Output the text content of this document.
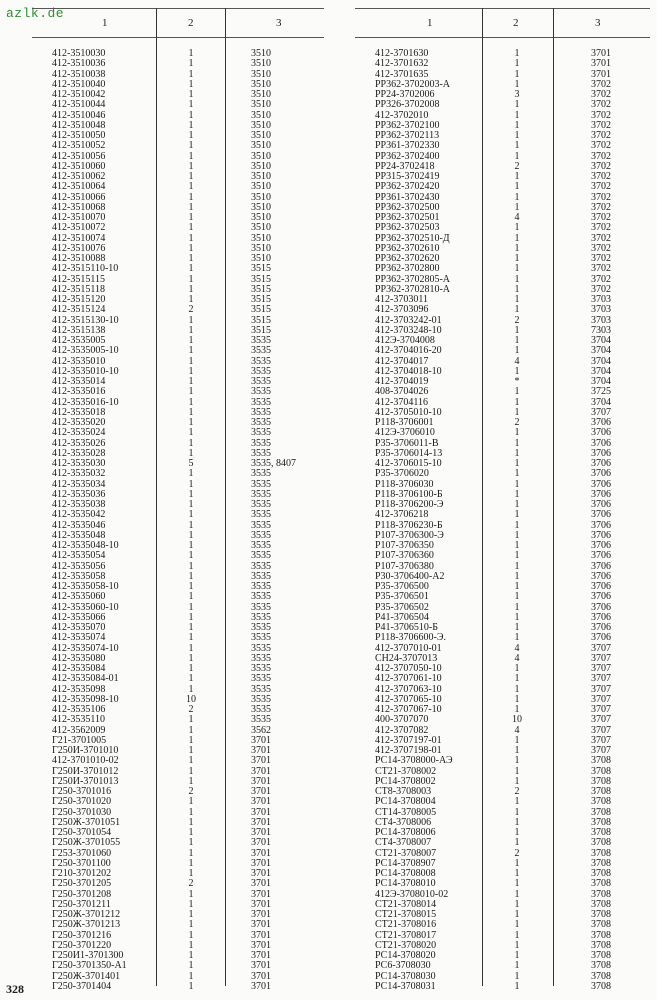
azlk.de
1	2	3
412-3510030	1	3510
412-3510036	1	3510
412-3510038	1	3510
412-3510040	1	3510
412-3510042	1	3510
412-3510044	1	3510
412-3510046	1	3510
412-3510048	1	3510
412-3510050	1	3510
412-3510052	1	3510
412-3510056	1	3510
412-3510060	1	3510
412-3510062	1	3510
412-3510064	1	3510
412-3510066	1	3510
412-3510068	1	3510
412-3510070	1	3510
412-3510072	1	3510
412-3510074	1	3510
412-3510076	1	3510
412-3510088	1	3510
412-3515110-10	1	3515
412-3515115	1	3515
412-3515118	1	3515
412-3515120	1	3515
412-3515124	2	3515
412-3515130-10	1	3515
412-3515138	1	3515
412-3535005	1	3535
412-3535005-10	1	3535
412-3535010	1	3535
412-3535010-10	1	3535
412-3535014	1	3535
412-3535016	1	3535
412-3535016-10	1	3535
412-3535018	1	3535
412-3535020	1	3535
412-3535024	1	3535
412-3535026	1	3535
412-3535028	1	3535
412-3535030	5	3535, 8407
412-3535032	1	3535
412-3535034	1	3535
412-3535036	1	3535
412-3535038	1	3535
412-3535042	1	3535
412-3535046	1	3535
412-3535048	1	3535
412-3535048-10	1	3535
412-3535054	1	3535
412-3535056	1	3535
412-3535058	1	3535
412-3535058-10	1	3535
412-3535060	1	3535
412-3535060-10	1	3535
412-3535066	1	3535
412-3535070	1	3535
412-3535074	1	3535
412-3535074-10	1	3535
412-3535080	1	3535
412-3535084	1	3535
412-3535084-01	1	3535
412-3535098	1	3535
412-3535098-10	10	3535
412-3535106	2	3535
412-3535110	1	3535
412-3562009	1	3562
Г21-3701005	1	3701
Г250И-3701010	1	3701
412-3701010-02	1	3701
Г250И-3701012	1	3701
Г250И-3701013	1	3701
Г250-3701016	2	3701
Г250-3701020	1	3701
Г250-3701030	1	3701
Г250Ж-3701051	1	3701
Г250-3701054	1	3701
Г250Ж-3701055	1	3701
Г253-3701060	1	3701
Г250-3701100	1	3701
Г210-3701202	1	3701
Г250-3701205	2	3701
Г250-3701208	1	3701
Г250-3701211	1	3701
Г250Ж-3701212	1	3701
Г250Ж-3701213	1	3701
Г250-3701216	1	3701
Г250-3701220	1	3701
Г250И1-3701300	1	3701
Г250-3701350-А1	1	3701
Г250Ж-3701401	1	3701
Г250-3701404	1	3701
1	2	3
412-3701630	1	3701
412-3701632	1	3701
412-3701635	1	3701
РР362-3702003-А	1	3702
РР24-3702006	3	3702
РР326-3702008	1	3702
412-3702010	1	3702
РР362-3702100	1	3702
РР362-3702113	1	3702
РР361-3702330	1	3702
РР362-3702400	1	3702
РР24-3702418	2	3702
РР315-3702419	1	3702
РР362-3702420	1	3702
РР361-3702430	1	3702
РР362-3702500	1	3702
РР362-3702501	4	3702
РР362-3702503	1	3702
РР362-3702510-Д	1	3702
РР362-3702610	1	3702
РР362-3702620	1	3702
РР362-3702800	1	3702
РР362-3702805-А	1	3702
РР362-3702810-А	1	3702
412-3703011	1	3703
412-3703096	1	3703
412-3703242-01	2	3703
412-3703248-10	1	7303
412Э-3704008	1	3704
412-3704016-20	1	3704
412-3704017	4	3704
412-3704018-10	1	3704
412-3704019	*	3704
408-3704026	1	3725
412-3704116	1	3704
412-3705010-10	1	3707
Р118-3706001	2	3706
412Э-3706010	1	3706
Р35-3706011-В	1	3706
Р35-3706014-13	1	3706
412-3706015-10	1	3706
Р35-3706020	1	3706
Р118-3706030	1	3706
Р118-3706100-Б	1	3706
Р118-3706200-Э	1	3706
412-3706218	1	3706
Р118-3706230-Б	1	3706
Р107-3706300-Э	1	3706
Р107-3706350	1	3706
Р107-3706360	1	3706
Р107-3706380	1	3706
Р30-3706400-А2	1	3706
Р35-3706500	1	3706
Р35-3706501	1	3706
Р35-3706502	1	3706
Р41-3706504	1	3706
Р41-3706510-Б	1	3706
Р118-3706600-Э.	1	3706
412-3707010-01	4	3707
СН24-3707013	4	3707
412-3707050-10	1	3707
412-3707061-10	1	3707
412-3707063-10	1	3707
412-3707065-10	1	3707
412-3707067-10	1	3707
400-3707070	10	3707
412-3707082	4	3707
412-3707197-01	1	3707
412-3707198-01	1	3707
РС14-3708000-АЭ	1	3708
СТ21-3708002	1	3708
РС14-3708002	1	3708
СТ8-3708003	2	3708
РС14-3708004	1	3708
СТ14-3708005	1	3708
СТ4-3708006	1	3708
РС14-3708006	1	3708
СТ4-3708007	1	3708
СТ21-3708007	2	3708
РС14-3708907	1	3708
РС14-3708008	1	3708
РС14-3708010	1	3708
412Э-3708010-02	1	3708
СТ21-3708014	1	3708
СТ21-3708015	1	3708
СТ21-3708016	1	3708
СТ21-3708017	1	3708
СТ21-3708020	1	3708
РС14-3708020	1	3708
РС6-3708030	1	3708
РС14-3708030	1	3708
РС14-3708031	1	3708
328
